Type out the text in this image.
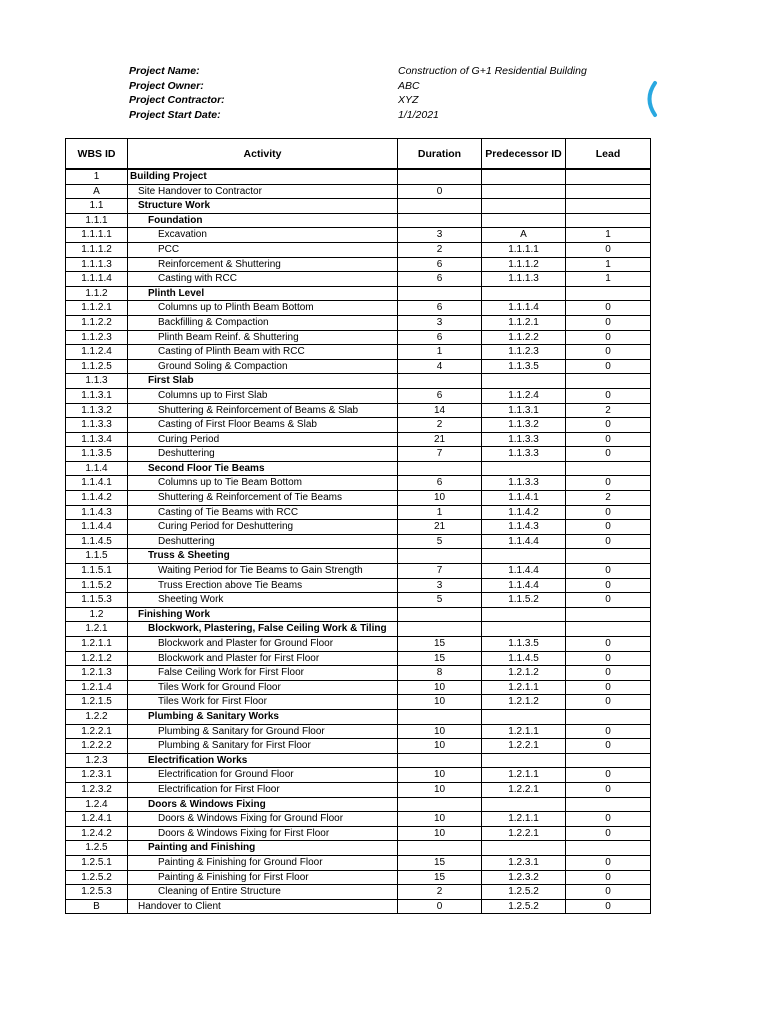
Project Name:	Construction of G+1 Residential Building
Project Owner:	ABC
Project Contractor:	XYZ
Project Start Date:	1/1/2021
WBS ID	Activity	Duration	Predecessor ID	Lead
1	Building Project			
A	Site Handover to Contractor	0		
1.1	Structure Work			
1.1.1	Foundation			
1.1.1.1	Excavation	3	A	1
1.1.1.2	PCC	2	1.1.1.1	0
1.1.1.3	Reinforcement & Shuttering	6	1.1.1.2	1
1.1.1.4	Casting with RCC	6	1.1.1.3	1
1.1.2	Plinth Level			
1.1.2.1	Columns up to Plinth Beam Bottom	6	1.1.1.4	0
1.1.2.2	Backfilling & Compaction	3	1.1.2.1	0
1.1.2.3	Plinth Beam Reinf. & Shuttering	6	1.1.2.2	0
1.1.2.4	Casting of Plinth Beam with RCC	1	1.1.2.3	0
1.1.2.5	Ground Soling & Compaction	4	1.1.3.5	0
1.1.3	First Slab			
1.1.3.1	Columns up to First Slab	6	1.1.2.4	0
1.1.3.2	Shuttering & Reinforcement of Beams & Slab	14	1.1.3.1	2
1.1.3.3	Casting of First Floor Beams & Slab	2	1.1.3.2	0
1.1.3.4	Curing Period	21	1.1.3.3	0
1.1.3.5	Deshuttering	7	1.1.3.3	0
1.1.4	Second Floor Tie Beams			
1.1.4.1	Columns up to Tie Beam Bottom	6	1.1.3.3	0
1.1.4.2	Shuttering & Reinforcement of Tie Beams	10	1.1.4.1	2
1.1.4.3	Casting of Tie Beams with RCC	1	1.1.4.2	0
1.1.4.4	Curing Period for Deshuttering	21	1.1.4.3	0
1.1.4.5	Deshuttering	5	1.1.4.4	0
1.1.5	Truss & Sheeting			
1.1.5.1	Waiting Period for Tie Beams to Gain Strength	7	1.1.4.4	0
1.1.5.2	Truss Erection above Tie Beams	3	1.1.4.4	0
1.1.5.3	Sheeting Work	5	1.1.5.2	0
1.2	Finishing Work			
1.2.1	Blockwork, Plastering, False Ceiling Work & Tiling			
1.2.1.1	Blockwork and Plaster for Ground Floor	15	1.1.3.5	0
1.2.1.2	Blockwork and Plaster for First Floor	15	1.1.4.5	0
1.2.1.3	False Ceiling Work for First Floor	8	1.2.1.2	0
1.2.1.4	Tiles Work for Ground Floor	10	1.2.1.1	0
1.2.1.5	Tiles Work for First Floor	10	1.2.1.2	0
1.2.2	Plumbing & Sanitary Works			
1.2.2.1	Plumbing & Sanitary for Ground Floor	10	1.2.1.1	0
1.2.2.2	Plumbing & Sanitary for First Floor	10	1.2.2.1	0
1.2.3	Electrification Works			
1.2.3.1	Electrification for Ground Floor	10	1.2.1.1	0
1.2.3.2	Electrification for First Floor	10	1.2.2.1	0
1.2.4	Doors & Windows Fixing			
1.2.4.1	Doors & Windows Fixing for Ground Floor	10	1.2.1.1	0
1.2.4.2	Doors & Windows Fixing for First Floor	10	1.2.2.1	0
1.2.5	Painting and Finishing			
1.2.5.1	Painting & Finishing for Ground Floor	15	1.2.3.1	0
1.2.5.2	Painting & Finishing for First Floor	15	1.2.3.2	0
1.2.5.3	Cleaning of Entire Structure	2	1.2.5.2	0
B	Handover to Client	0	1.2.5.2	0
